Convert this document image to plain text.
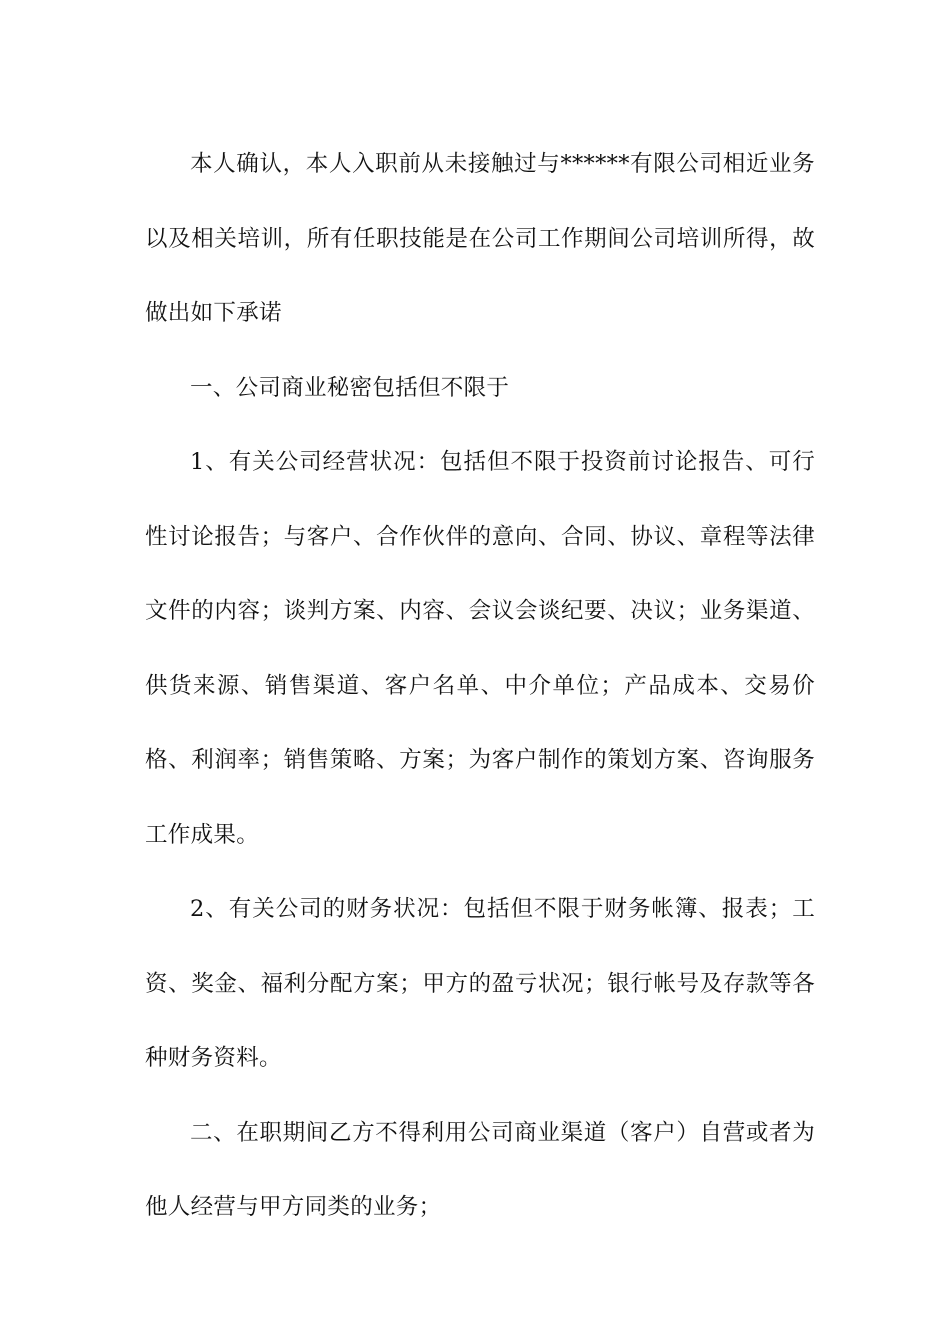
本人确认，本人入职前从未接触过与******有限公司相近业务以及相关培训，所有任职技能是在公司工作期间公司培训所得，故做出如下承诺

一、公司商业秘密包括但不限于

1、有关公司经营状况：包括但不限于投资前讨论报告、可行性讨论报告；与客户、合作伙伴的意向、合同、协议、章程等法律文件的内容；谈判方案、内容、会议会谈纪要、决议；业务渠道、供货来源、销售渠道、客户名单、中介单位；产品成本、交易价格、利润率；销售策略、方案；为客户制作的策划方案、咨询服务工作成果。

2、有关公司的财务状况：包括但不限于财务帐簿、报表；工资、奖金、福利分配方案；甲方的盈亏状况；银行帐号及存款等各种财务资料。

二、在职期间乙方不得利用公司商业渠道（客户）自营或者为他人经营与甲方同类的业务；
